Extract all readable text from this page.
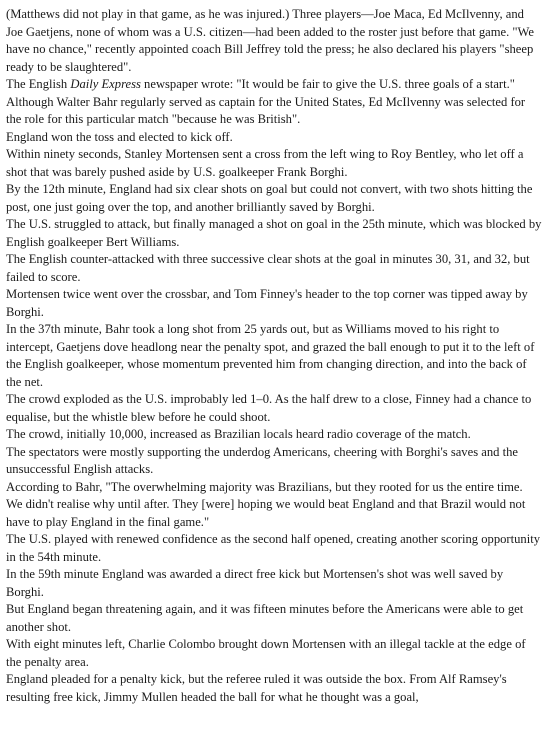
(Matthews did not play in that game, as he was injured.) Three players—Joe Maca, Ed McIlvenny, and Joe Gaetjens, none of whom was a U.S. citizen—had been added to the roster just before that game. "We have no chance," recently appointed coach Bill Jeffrey told the press; he also declared his players "sheep ready to be slaughtered".

The English Daily Express newspaper wrote: "It would be fair to give the U.S. three goals of a start."

Although Walter Bahr regularly served as captain for the United States, Ed McIlvenny was selected for the role for this particular match "because he was British".

England won the toss and elected to kick off.

Within ninety seconds, Stanley Mortensen sent a cross from the left wing to Roy Bentley, who let off a shot that was barely pushed aside by U.S. goalkeeper Frank Borghi.

By the 12th minute, England had six clear shots on goal but could not convert, with two shots hitting the post, one just going over the top, and another brilliantly saved by Borghi.

The U.S. struggled to attack, but finally managed a shot on goal in the 25th minute, which was blocked by English goalkeeper Bert Williams.

The English counter-attacked with three successive clear shots at the goal in minutes 30, 31, and 32, but failed to score.

Mortensen twice went over the crossbar, and Tom Finney's header to the top corner was tipped away by Borghi.

In the 37th minute, Bahr took a long shot from 25 yards out, but as Williams moved to his right to intercept, Gaetjens dove headlong near the penalty spot, and grazed the ball enough to put it to the left of the English goalkeeper, whose momentum prevented him from changing direction, and into the back of the net.

The crowd exploded as the U.S. improbably led 1–0. As the half drew to a close, Finney had a chance to equalise, but the whistle blew before he could shoot.

The crowd, initially 10,000, increased as Brazilian locals heard radio coverage of the match.

The spectators were mostly supporting the underdog Americans, cheering with Borghi's saves and the unsuccessful English attacks.

According to Bahr, "The overwhelming majority was Brazilians, but they rooted for us the entire time. We didn't realise why until after. They [were] hoping we would beat England and that Brazil would not have to play England in the final game."

The U.S. played with renewed confidence as the second half opened, creating another scoring opportunity in the 54th minute.

In the 59th minute England was awarded a direct free kick but Mortensen's shot was well saved by Borghi.

But England began threatening again, and it was fifteen minutes before the Americans were able to get another shot.

With eight minutes left, Charlie Colombo brought down Mortensen with an illegal tackle at the edge of the penalty area.

England pleaded for a penalty kick, but the referee ruled it was outside the box. From Alf Ramsey's resulting free kick, Jimmy Mullen headed the ball for what he thought was a goal,
